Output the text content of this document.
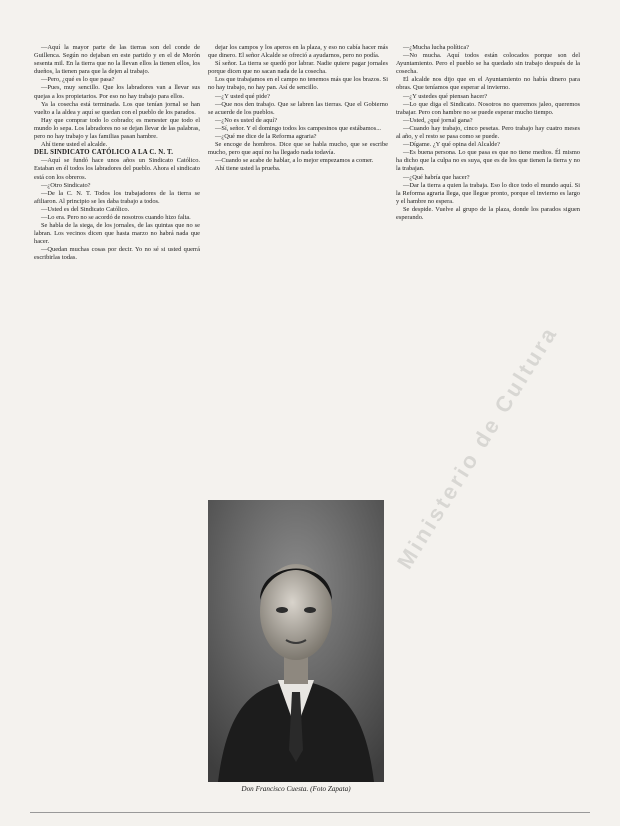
—Aquí la mayor parte de las tierras son del conde de Guillenca. Según no dejaban en este partido y en el de Morón sesenta mil. En la tierra que no la llevan ellos la tienen ellos, los dueños, la tienen para que la dejen al trabajo.

—Pero, ¿qué es lo que pasa?

—Pues, muy sencillo. Que los labradores van a llevar sus quejas a los propietarios. Por eso no hay trabajo para ellos.

Ya la cosecha está terminada. Los que tenían jornal se han vuelto a la aldea y aquí se quedan con el pueblo de los parados.

Hay que comprar todo lo cobrado; es menester que todo el mundo lo sepa. Los labradores no se dejan llevar de las palabras, pero no hay trabajo y las familias pasan hambre.

Ahí tiene usted el alcalde.

DEL SINDICATO CATÓLICO A LA C. N. T.

—Aquí se fundó hace unos años un Sindicato Católico. Estaban en él todos los labradores del pueblo. Ahora el sindicato está con los obreros.

—¿Otro Sindicato?

—De la C. N. T. Todos los trabajadores de la tierra se afiliaron. Al principio se les daba trabajo a todos.

—Usted es del Sindicato Católico.

—Lo era. Pero no se acordó de nosotros cuando hizo falta.

Se habla de la siega, de los jornales, de las quintas que no se labran. Los vecinos dicen que hasta marzo no habrá nada que hacer.

—Quedan muchas cosas por decir. Yo no sé si usted querrá escribirlas todas.

dejar los campos y los aperos en la plaza, y eso no cabía hacer más que dinero. El señor Alcalde se ofreció a ayudarnos, pero no podía.

Sí señor. La tierra se quedó por labrar. Nadie quiere pagar jornales porque dicen que no sacan nada de la cosecha.

Los que trabajamos en el campo no tenemos más que los brazos. Si no hay trabajo, no hay pan. Así de sencillo.

—¿Y usted qué pide?

—Que nos den trabajo. Que se labren las tierras. Que el Gobierno se acuerde de los pueblos.

—¿No es usted de aquí?

—Sí, señor. Y el domingo todos los campesinos que estábamos...

—¿Qué me dice de la Reforma agraria?

Se encoge de hombros. Dice que se habla mucho, que se escribe mucho, pero que aquí no ha llegado nada todavía.

—Cuando se acabe de hablar, a lo mejor empezamos a comer.

Ahí tiene usted la prueba.

Don Francisco Cuesta. (Foto Zapata)

—¿Mucha lucha política?

—No mucha. Aquí todos están colocados porque son del Ayuntamiento. Pero el pueblo se ha quedado sin trabajo después de la cosecha.

El alcalde nos dijo que en el Ayuntamiento no había dinero para obras. Que teníamos que esperar al invierno.

—¿Y ustedes qué piensan hacer?

—Lo que diga el Sindicato. Nosotros no queremos jaleo, queremos trabajar. Pero con hambre no se puede esperar mucho tiempo.

—Usted, ¿qué jornal gana?

—Cuando hay trabajo, cinco pesetas. Pero trabajo hay cuatro meses al año, y el resto se pasa como se puede.

—Dígame. ¿Y qué opina del Alcalde?

—Es buena persona. Lo que pasa es que no tiene medios. Él mismo ha dicho que la culpa no es suya, que es de los que tienen la tierra y no la trabajan.

—¿Qué habría que hacer?

—Dar la tierra a quien la trabaja. Eso lo dice todo el mundo aquí. Si la Reforma agraria llega, que llegue pronto, porque el invierno es largo y el hambre no espera.

Se despide. Vuelve al grupo de la plaza, donde los parados siguen esperando.

Ministerio de Cultura
